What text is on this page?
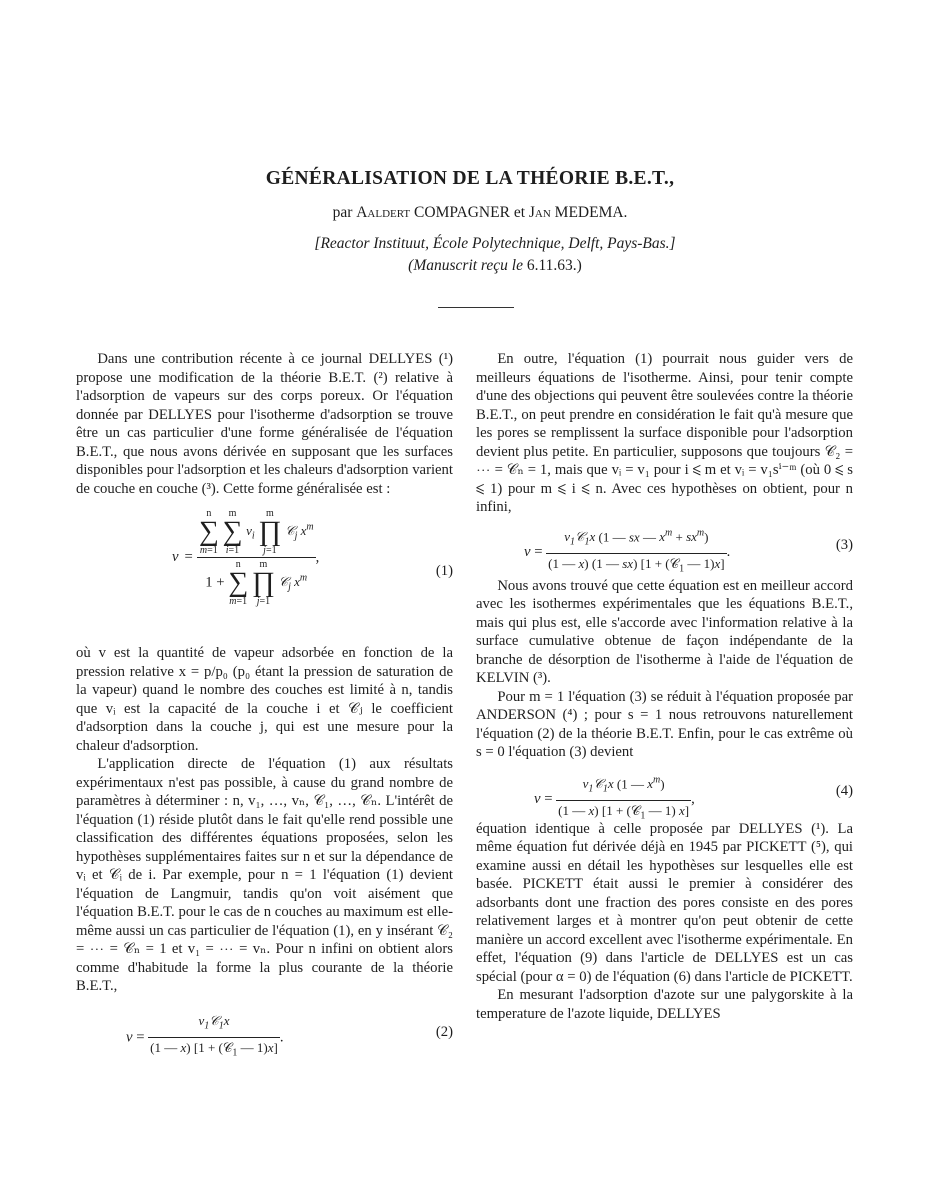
GÉNÉRALISATION DE LA THÉORIE B.E.T.,
par Aaldert COMPAGNER et Jan MEDEMA.
[Reactor Instituut, École Polytechnique, Delft, Pays-Bas.]
(Manuscrit reçu le 6.11.63.)

Dans une contribution récente à ce journal DELLYES (¹) propose une modification de la théorie B.E.T. (²) relative à l'adsorption de vapeurs sur des corps poreux. Or l'équation donnée par DELLYES pour l'isotherme d'adsorption se trouve être un cas particulier d'une forme généralisée de l'équation B.E.T., que nous avons dérivée en supposant que les surfaces disponibles pour l'adsorption et les chaleurs d'adsorption varient de couche en couche (³). Cette forme généralisée est :

v =
n
∑
m=1 m
∑
i=1 $v_i$ m
∏
j=1 𝒞$_j$ $x^m$
1 + n
∑
m=1 m
∏
j=1 𝒞$_j$ $x^m$
,
(1)

où v est la quantité de vapeur adsorbée en fonction de la pression relative x = p/p₀ (p₀ étant la pression de saturation de la vapeur) quand le nombre des couches est limité à n, tandis que vᵢ est la capacité de la couche i et 𝒞ⱼ le coefficient d'adsorption dans la couche j, qui est une mesure pour la chaleur d'adsorption.

L'application directe de l'équation (1) aux résultats expérimentaux n'est pas possible, à cause du grand nombre de paramètres à déterminer : n, v₁, …, vₙ, 𝒞₁, …, 𝒞ₙ. L'intérêt de l'équation (1) réside plutôt dans le fait qu'elle rend possible une classification des différentes équations proposées, selon les hypothèses supplémentaires faites sur n et sur la dépendance de vᵢ et 𝒞ᵢ de i. Par exemple, pour n = 1 l'équation (1) devient l'équation de Langmuir, tandis qu'on voit aisément que l'équation B.E.T. pour le cas de n couches au maximum est elle-même aussi un cas particulier de l'équation (1), en y insérant 𝒞₂ = ⋯ = 𝒞ₙ = 1 et v₁ = ⋯ = vₙ. Pour n infini on obtient alors comme d'habitude la forme la plus courante de la théorie B.E.T.,

$v = \frac{v_1𝒞_1x}{(1 — x) [1 + (𝒞_1 — 1)x]}$ .	(2)

En outre, l'équation (1) pourrait nous guider vers de meilleurs équations de l'isotherme. Ainsi, pour tenir compte d'une des objections qui peuvent être soulevées contre la théorie B.E.T., on peut prendre en considération le fait qu'à mesure que les pores se remplissent la surface disponible pour l'adsorption devient plus petite. En particulier, supposons que toujours 𝒞₂ = ⋯ = 𝒞ₙ = 1, mais que vᵢ = v₁ pour i ⩽ m et vᵢ = v₁sⁱ⁻ᵐ (où 0 ⩽ s ⩽ 1) pour m ⩽ i ⩽ n. Avec ces hypothèses on obtient, pour n infini,

$v = \frac{v_1𝒞_1x (1 — sx — x^m + sx^m)}{(1 — x) (1 — sx) [1 + (𝒞_1 — 1)x]}$ .	(3)

Nous avons trouvé que cette équation est en meilleur accord avec les isothermes expérimentales que les équations B.E.T., mais qui plus est, elle s'accorde avec l'information relative à la surface cumulative obtenue de façon indépendante de la branche de désorption de l'isotherme à l'aide de l'équation de KELVIN (³).

Pour m = 1 l'équation (3) se réduit à l'équation proposée par ANDERSON (⁴) ; pour s = 1 nous retrouvons naturellement l'équation (2) de la théorie B.E.T. Enfin, pour le cas extrême où s = 0 l'équation (3) devient

$v = \frac{v_1𝒞_1x (1 — x^m)}{(1 — x) [1 + (𝒞_1 — 1) x]}$ ,
(4)

équation identique à celle proposée par DELLYES (¹). La même équation fut dérivée déjà en 1945 par PICKETT (⁵), qui examine aussi en détail les hypothèses sur lesquelles elle est basée. PICKETT était aussi le premier à considérer des adsorbants dont une fraction des pores consiste en des pores relativement larges et à montrer qu'on peut obtenir de cette manière un accord excellent avec l'isotherme expérimentale. En effet, l'équation (9) dans l'article de DELLYES est un cas spécial (pour α = 0) de l'équation (6) dans l'article de PICKETT.

En mesurant l'adsorption d'azote sur une palygorskite à la temperature de l'azote liquide, DELLYES
